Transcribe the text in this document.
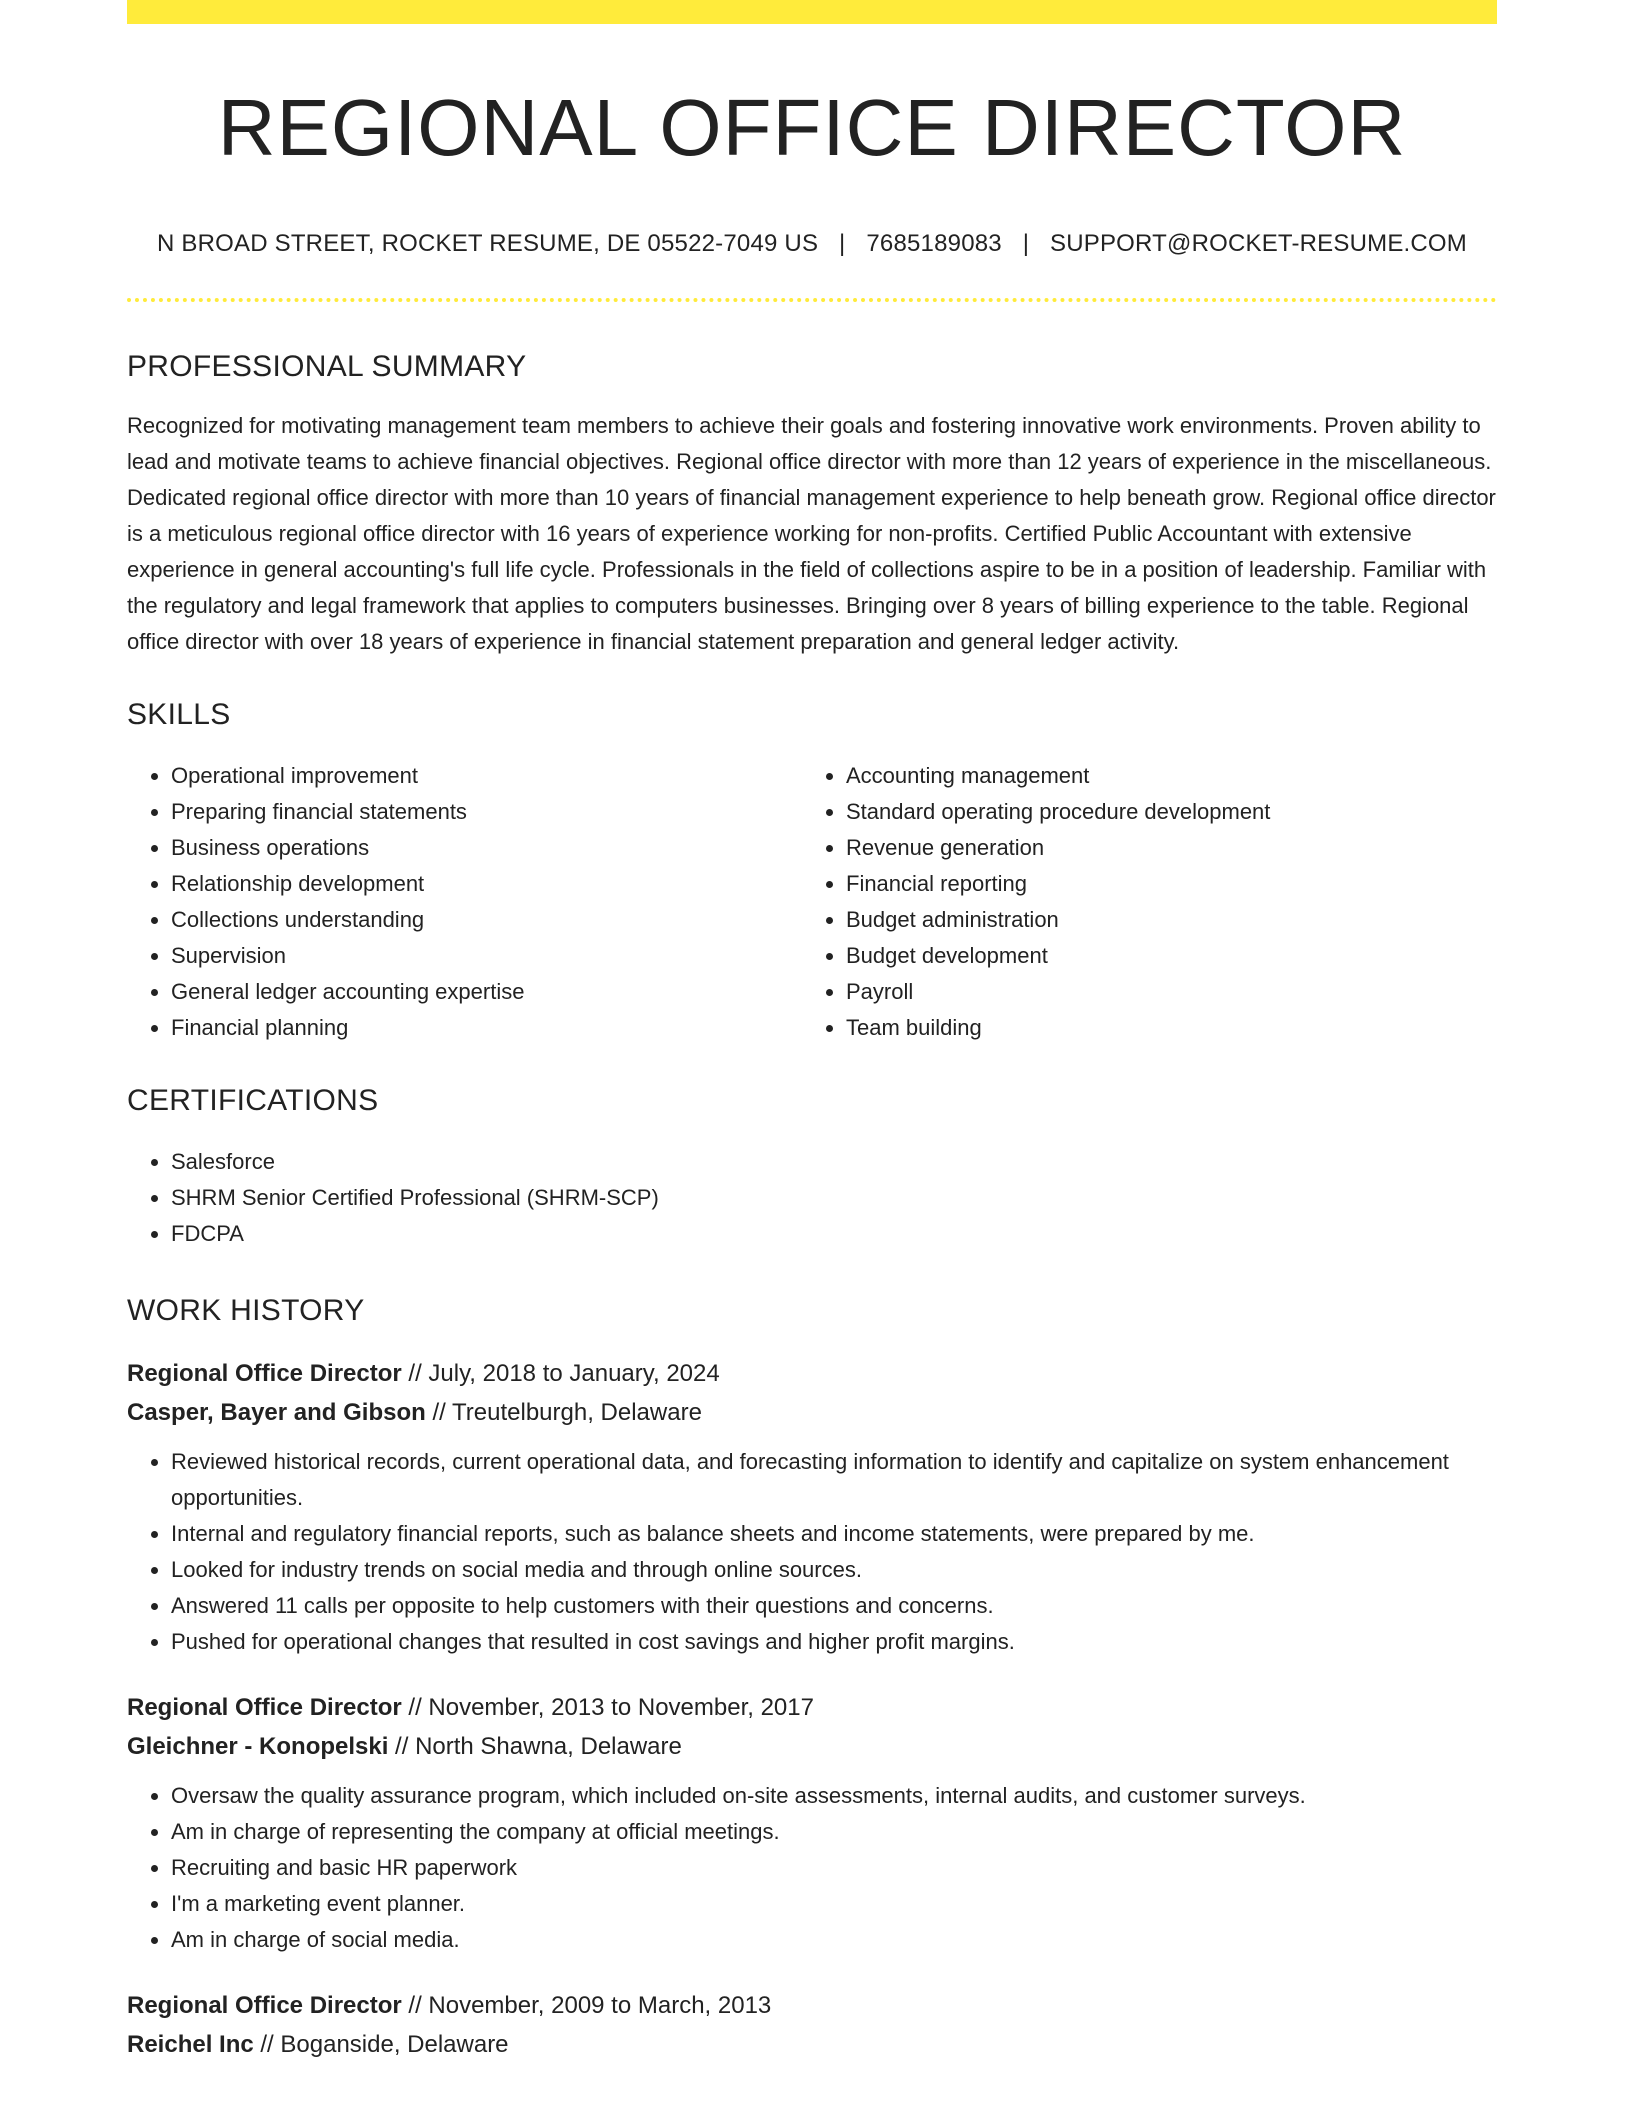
REGIONAL OFFICE DIRECTOR
N BROAD STREET, ROCKET RESUME, DE 05522-7049 US | 7685189083 | SUPPORT@ROCKET-RESUME.COM
PROFESSIONAL SUMMARY

Recognized for motivating management team members to achieve their goals and fostering innovative work environments. Proven ability to lead and motivate teams to achieve financial objectives. Regional office director with more than 12 years of experience in the miscellaneous. Dedicated regional office director with more than 10 years of financial management experience to help beneath grow. Regional office director is a meticulous regional office director with 16 years of experience working for non-profits. Certified Public Accountant with extensive experience in general accounting's full life cycle. Professionals in the field of collections aspire to be in a position of leadership. Familiar with the regulatory and legal framework that applies to computers businesses. Bringing over 8 years of billing experience to the table. Regional office director with over 18 years of experience in financial statement preparation and general ledger activity.

SKILLS
• Operational improvement
• Preparing financial statements
• Business operations
• Relationship development
• Collections understanding
• Supervision
• General ledger accounting expertise
• Financial planning
• Accounting management
• Standard operating procedure development
• Revenue generation
• Financial reporting
• Budget administration
• Budget development
• Payroll
• Team building
CERTIFICATIONS
• Salesforce
• SHRM Senior Certified Professional (SHRM-SCP)
• FDCPA
WORK HISTORY
Regional Office Director // July, 2018 to January, 2024
Casper, Bayer and Gibson // Treutelburgh, Delaware
• Reviewed historical records, current operational data, and forecasting information to identify and capitalize on system enhancement opportunities.
• Internal and regulatory financial reports, such as balance sheets and income statements, were prepared by me.
• Looked for industry trends on social media and through online sources.
• Answered 11 calls per opposite to help customers with their questions and concerns.
• Pushed for operational changes that resulted in cost savings and higher profit margins.
Regional Office Director // November, 2013 to November, 2017
Gleichner - Konopelski // North Shawna, Delaware
• Oversaw the quality assurance program, which included on-site assessments, internal audits, and customer surveys.
• Am in charge of representing the company at official meetings.
• Recruiting and basic HR paperwork
• I'm a marketing event planner.
• Am in charge of social media.
Regional Office Director // November, 2009 to March, 2013
Reichel Inc // Boganside, Delaware
